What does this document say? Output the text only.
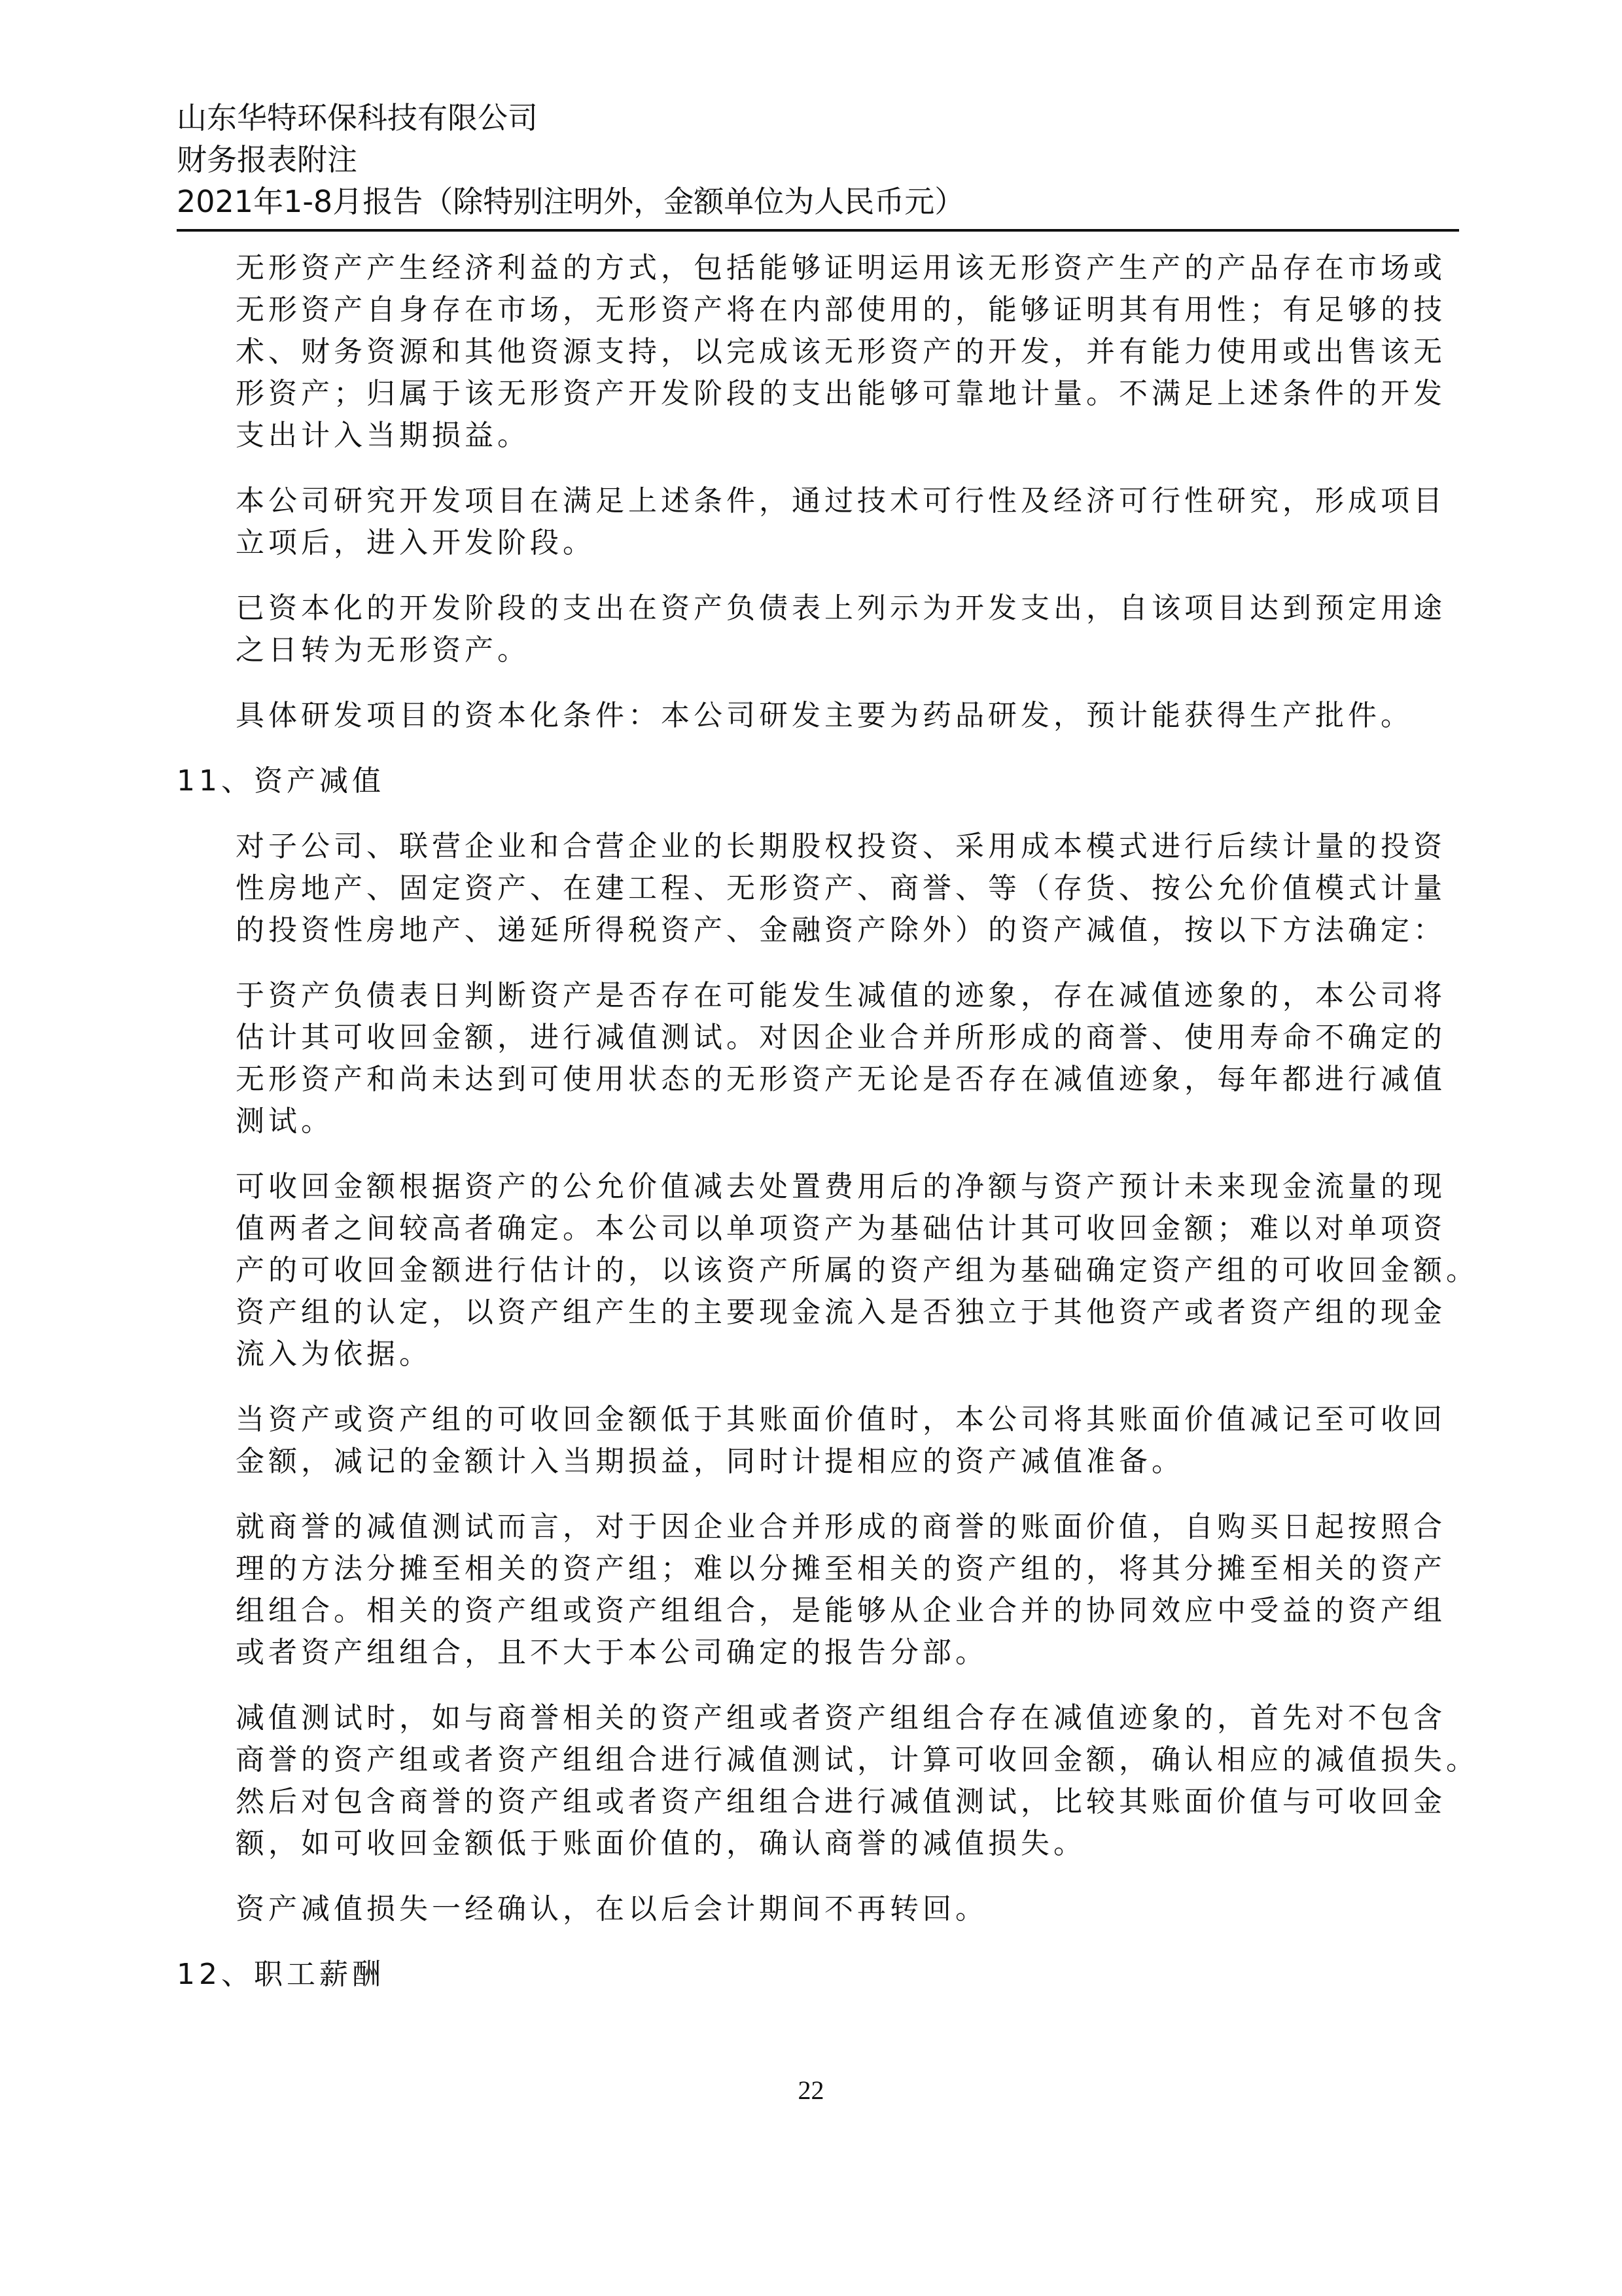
山东华特环保科技有限公司
财务报表附注
2021年1-8月报告（除特别注明外，金额单位为人民币元）
无形资产产生经济利益的方式，包括能够证明运用该无形资产生产的产品存在市场或
无形资产自身存在市场，无形资产将在内部使用的，能够证明其有用性；有足够的技
术、财务资源和其他资源支持，以完成该无形资产的开发，并有能力使用或出售该无
形资产；归属于该无形资产开发阶段的支出能够可靠地计量。不满足上述条件的开发
支出计入当期损益。
本公司研究开发项目在满足上述条件，通过技术可行性及经济可行性研究，形成项目
立项后，进入开发阶段。
已资本化的开发阶段的支出在资产负债表上列示为开发支出，自该项目达到预定用途
之日转为无形资产。
具体研发项目的资本化条件：本公司研发主要为药品研发，预计能获得生产批件。
11、资产减值
对子公司、联营企业和合营企业的长期股权投资、采用成本模式进行后续计量的投资
性房地产、固定资产、在建工程、无形资产、商誉、等（存货、按公允价值模式计量
的投资性房地产、递延所得税资产、金融资产除外）的资产减值，按以下方法确定：
于资产负债表日判断资产是否存在可能发生减值的迹象，存在减值迹象的，本公司将
估计其可收回金额，进行减值测试。对因企业合并所形成的商誉、使用寿命不确定的
无形资产和尚未达到可使用状态的无形资产无论是否存在减值迹象，每年都进行减值
测试。
可收回金额根据资产的公允价值减去处置费用后的净额与资产预计未来现金流量的现
值两者之间较高者确定。本公司以单项资产为基础估计其可收回金额；难以对单项资
产的可收回金额进行估计的，以该资产所属的资产组为基础确定资产组的可收回金额。
资产组的认定，以资产组产生的主要现金流入是否独立于其他资产或者资产组的现金
流入为依据。
当资产或资产组的可收回金额低于其账面价值时，本公司将其账面价值减记至可收回
金额，减记的金额计入当期损益，同时计提相应的资产减值准备。
就商誉的减值测试而言，对于因企业合并形成的商誉的账面价值，自购买日起按照合
理的方法分摊至相关的资产组；难以分摊至相关的资产组的，将其分摊至相关的资产
组组合。相关的资产组或资产组组合，是能够从企业合并的协同效应中受益的资产组
或者资产组组合，且不大于本公司确定的报告分部。
减值测试时，如与商誉相关的资产组或者资产组组合存在减值迹象的，首先对不包含
商誉的资产组或者资产组组合进行减值测试，计算可收回金额，确认相应的减值损失。
然后对包含商誉的资产组或者资产组组合进行减值测试，比较其账面价值与可收回金
额，如可收回金额低于账面价值的，确认商誉的减值损失。
资产减值损失一经确认，在以后会计期间不再转回。
12、职工薪酬
22
